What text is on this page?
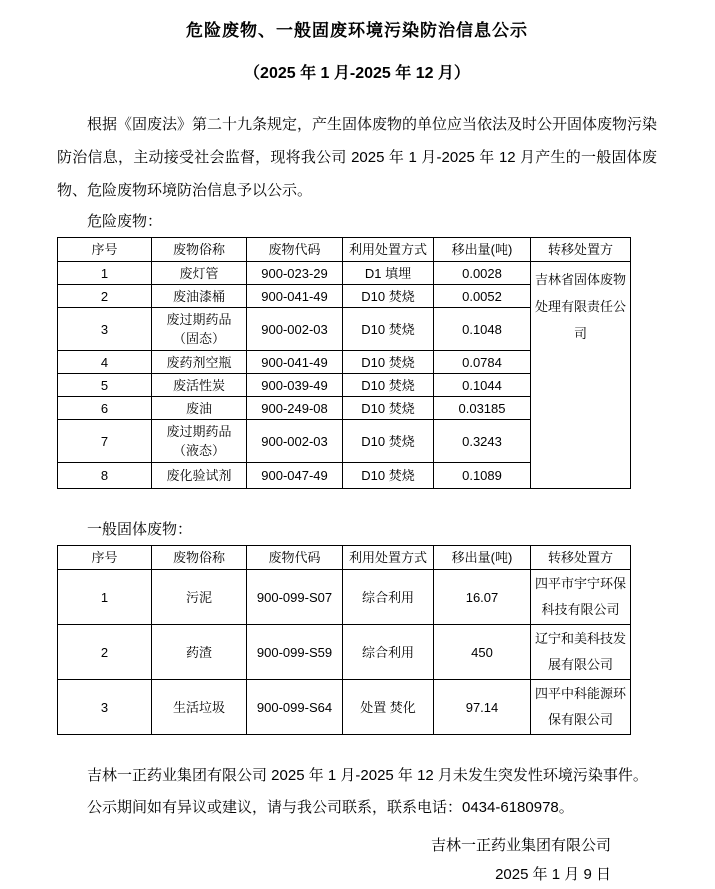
危险废物、一般固废环境污染防治信息公示

（2025 年 1 月-2025 年 12 月）

根据《固废法》第二十九条规定，产生固体废物的单位应当依法及时公开固体废物污染防治信息，主动接受社会监督，现将我公司 2025 年 1 月-2025 年 12 月产生的一般固体废物、危险废物环境防治信息予以公示。

危险废物：

序号	废物俗称	废物代码	利用处置方式	移出量(吨)	转移处置方
1	废灯管	900-023-29	D1 填埋	0.0028	吉林省固体废物处理有限责任公司
2	废油漆桶	900-041-49	D10 焚烧	0.0052	
3	废过期药品（固态）	900-002-03	D10 焚烧	0.1048	
4	废药剂空瓶	900-041-49	D10 焚烧	0.0784	
5	废活性炭	900-039-49	D10 焚烧	0.1044	
6	废油	900-249-08	D10 焚烧	0.03185	
7	废过期药品（液态）	900-002-03	D10 焚烧	0.3243	
8	废化验试剂	900-047-49	D10 焚烧	0.1089	

一般固体废物：

序号	废物俗称	废物代码	利用处置方式	移出量(吨)	转移处置方
1	污泥	900-099-S07	综合利用	16.07	四平市宇宁环保科技有限公司
2	药渣	900-099-S59	综合利用	450	辽宁和美科技发展有限公司
3	生活垃圾	900-099-S64	处置 焚化	97.14	四平中科能源环保有限公司

吉林一正药业集团有限公司 2025 年 1 月-2025 年 12 月未发生突发性环境污染事件。

公示期间如有异议或建议，请与我公司联系，联系电话：0434-6180978。

吉林一正药业集团有限公司

2025 年 1 月 9 日
